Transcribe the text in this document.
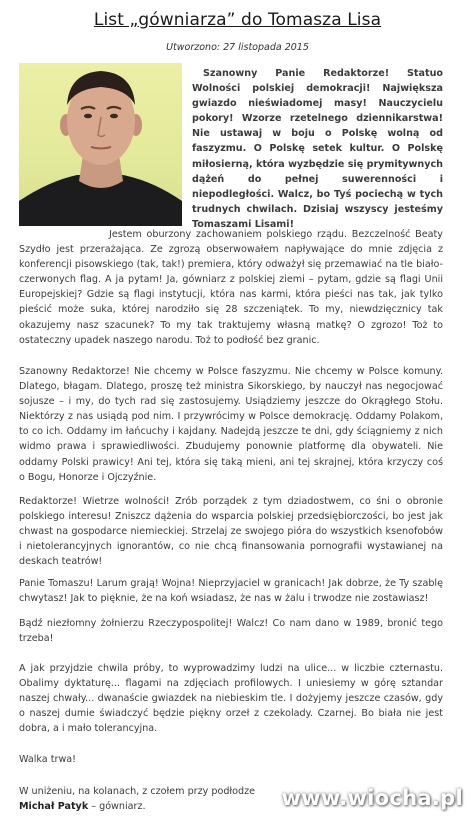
List „gówniarza” do Tomasza Lisa
Utworzono: 27 listopada 2015
Szanowny Panie Redaktorze! Statuo Wolności polskiej demokracji! Największa gwiazdo nieświadomej masy! Nauczycielu pokory! Wzorze rzetelnego dziennikarstwa! Nie ustawaj w boju o Polskę wolną od faszyzmu. O Polskę setek kultur. O Polskę miłosierną, która wyzbędzie się prymitywnych dążeń do pełnej suwerenności i niepodległości. Walcz, bo Tyś pociechą w tych trudnych chwilach. Dzisiaj wszyscy jesteśmy Tomaszami Lisami!
Jestem oburzony zachowaniem polskiego rządu. Bezczelność Beaty Szydło jest przerażająca. Ze zgrozą obserwowałem napływające do mnie zdjęcia z konferencji pisowskiego (tak, tak!) premiera, który odważył się przemawiać na tle biało-czerwonych flag. A ja pytam! Ja, gówniarz z polskiej ziemi – pytam, gdzie są flagi Unii Europejskiej? Gdzie są flagi instytucji, która nas karmi, która pieści nas tak, jak tylko pieścić może suka, której narodziło się 28 szczeniątek. To my, niewdzięcznicy tak okazujemy nasz szacunek? To my tak traktujemy własną matkę? O zgrozo! Toż to ostateczny upadek naszego narodu. Toż to podłość bez granic.
Szanowny Redaktorze! Nie chcemy w Polsce faszyzmu. Nie chcemy w Polsce komuny. Dlatego, błagam. Dlatego, proszę też ministra Sikorskiego, by nauczył nas negocjować sojusze – i my, do tych rad się zastosujemy. Usiądziemy jeszcze do Okrągłego Stołu. Niektórzy z nas usiądą pod nim. I przywrócimy w Polsce demokrację. Oddamy Polakom, to co ich. Oddamy im łańcuchy i kajdany. Nadejdą jeszcze te dni, gdy ściągniemy z nich widmo prawa i sprawiedliwości. Zbudujemy ponownie platformę dla obywateli. Nie oddamy Polski prawicy! Ani tej, która się taką mieni, ani tej skrajnej, która krzyczy coś o Bogu, Honorze i Ojczyźnie.
Redaktorze! Wietrze wolności! Zrób porządek z tym dziadostwem, co śni o obronie polskiego interesu! Zniszcz dążenia do wsparcia polskiej przedsiębiorczości, bo jest jak chwast na gospodarce niemieckiej. Strzelaj ze swojego pióra do wszystkich ksenofobów i nietolerancyjnych ignorantów, co nie chcą finansowania pornografii wystawianej na deskach teatrów!
Panie Tomaszu! Larum grają! Wojna! Nieprzyjaciel w granicach! Jak dobrze, że Ty szablę chwytasz! Jak to pięknie, że na koń wsiadasz, że nas w żalu i trwodze nie zostawiasz!
Bądź niezłomny żołnierzu Rzeczypospolitej! Walcz! Co nam dano w 1989, bronić tego trzeba!
A jak przyjdzie chwila próby, to wyprowadzimy ludzi na ulice... w liczbie czternastu. Obalimy dyktaturę... flagami na zdjęciach profilowych. I uniesiemy w górę sztandar naszej chwały... dwanaście gwiazdek na niebieskim tle. I dożyjemy jeszcze czasów, gdy o naszej dumie świadczyć będzie piękny orzeł z czekolady. Czarnej. Bo biała nie jest dobra, a i mało tolerancyjna.
Walka trwa!
W uniżeniu, na kolanach, z czołem przy podłodze
Michał Patyk – gówniarz.	www.wiocha.pl
